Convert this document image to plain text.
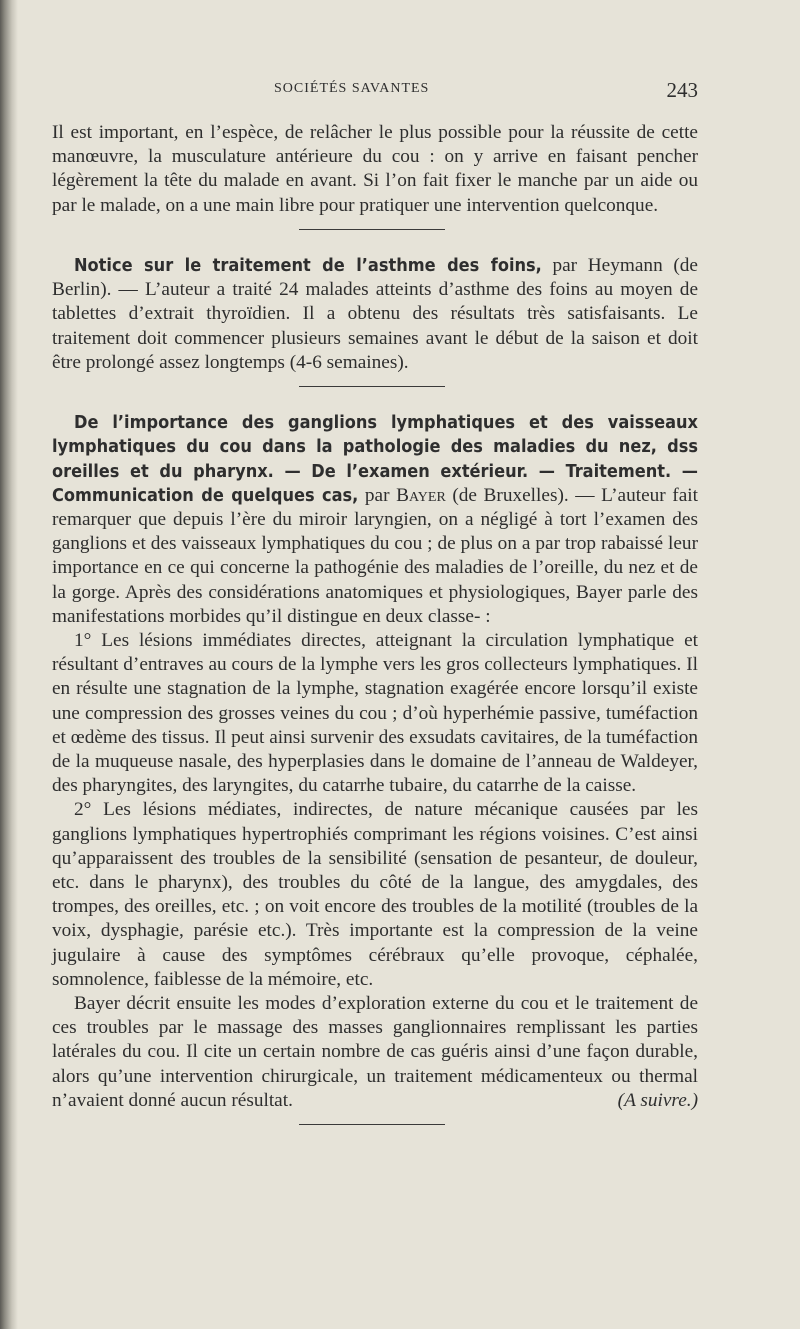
SOCIÉTÉS SAVANTES	243

Il est important, en l’espèce, de relâcher le plus possible pour la réussite de cette manœuvre, la musculature antérieure du cou : on y arrive en faisant pencher légèrement la tête du malade en avant. Si l’on fait fixer le manche par un aide ou par le malade, on a une main libre pour pratiquer une intervention quelconque.

Notice sur le traitement de l’asthme des foins, par Heymann (de Berlin). — L’auteur a traité 24 malades atteints d’asthme des foins au moyen de tablettes d’extrait thyroïdien. Il a obtenu des résultats très satisfaisants. Le traitement doit commencer plusieurs semaines avant le début de la saison et doit être prolongé assez longtemps (4-6 semaines).

De l’importance des ganglions lymphatiques et des vaisseaux lymphatiques du cou dans la pathologie des maladies du nez, dss oreilles et du pharynx. — De l’examen extérieur. — Traitement. — Communication de quelques cas, par Bayer (de Bruxelles). — L’auteur fait remarquer que depuis l’ère du miroir laryngien, on a négligé à tort l’examen des ganglions et des vaisseaux lymphatiques du cou ; de plus on a par trop rabaissé leur importance en ce qui concerne la pathogénie des maladies de l’oreille, du nez et de la gorge. Après des considérations anatomiques et physiologiques, Bayer parle des manifestations morbides qu’il distingue en deux classe- :

1° Les lésions immédiates directes, atteignant la circulation lymphatique et résultant d’entraves au cours de la lymphe vers les gros collecteurs lymphatiques. Il en résulte une stagnation de la lymphe, stagnation exagérée encore lorsqu’il existe une compression des grosses veines du cou ; d’où hyperhémie passive, tuméfaction et œdème des tissus. Il peut ainsi survenir des exsudats cavitaires, de la tuméfaction de la muqueuse nasale, des hyperplasies dans le domaine de l’anneau de Waldeyer, des pharyngites, des laryngites, du catarrhe tubaire, du catarrhe de la caisse.

2° Les lésions médiates, indirectes, de nature mécanique causées par les ganglions lymphatiques hypertrophiés comprimant les régions voisines. C’est ainsi qu’apparaissent des troubles de la sensibilité (sensation de pesanteur, de douleur, etc. dans le pharynx), des troubles du côté de la langue, des amygdales, des trompes, des oreilles, etc. ; on voit encore des troubles de la motilité (troubles de la voix, dysphagie, parésie etc.). Très importante est la compression de la veine jugulaire à cause des symptômes cérébraux qu’elle provoque, céphalée, somnolence, faiblesse de la mémoire, etc.

Bayer décrit ensuite les modes d’exploration externe du cou et le traitement de ces troubles par le massage des masses ganglionnaires remplissant les parties latérales du cou. Il cite un certain nombre de cas guéris ainsi d’une façon durable, alors qu’une intervention chirurgicale, un traitement médicamenteux ou thermal n’avaient donné aucun résultat.	(A suivre.)
